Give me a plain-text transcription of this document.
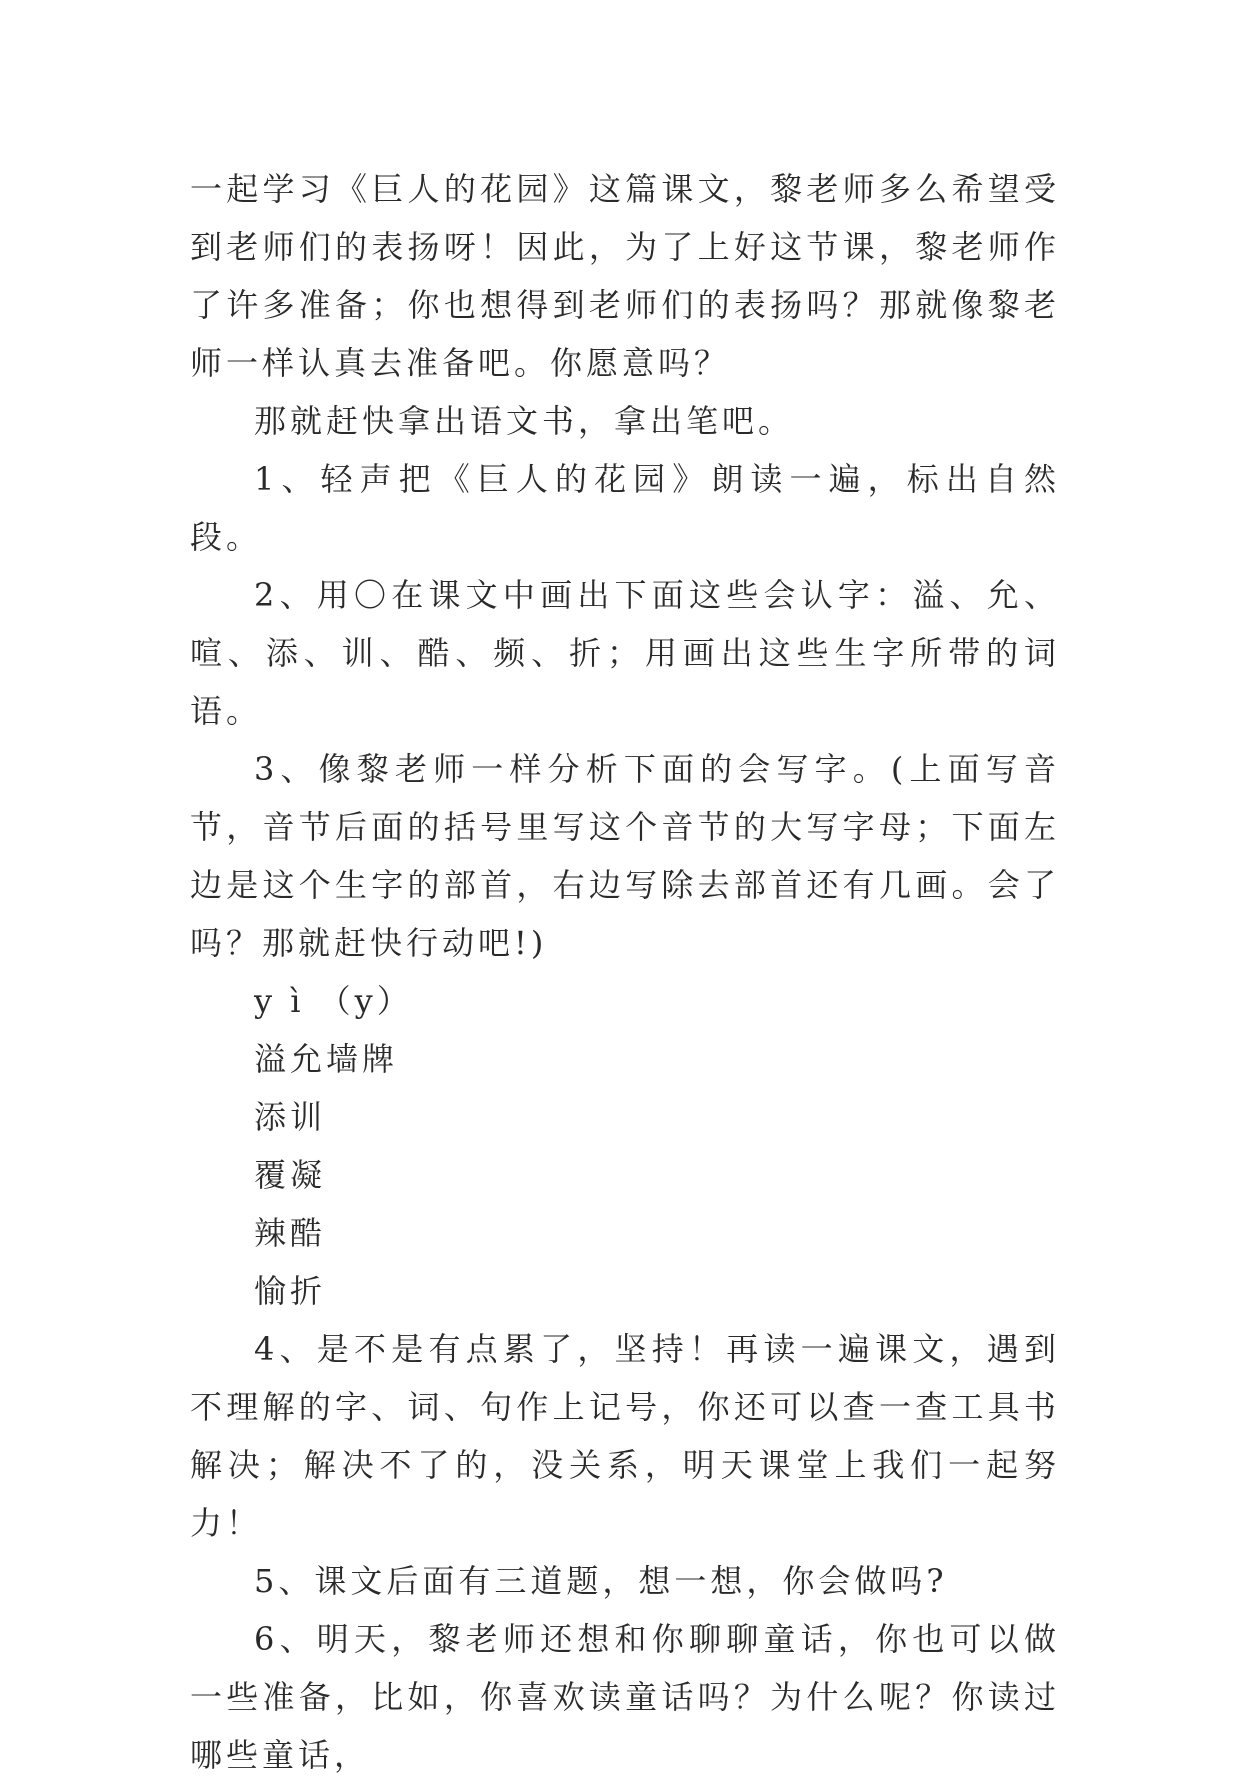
一起学习《巨人的花园》这篇课文，黎老师多么希望受到老师们的表扬呀！因此，为了上好这节课，黎老师作了许多准备；你也想得到老师们的表扬吗？那就像黎老师一样认真去准备吧。你愿意吗？

那就赶快拿出语文书，拿出笔吧。

1、轻声把《巨人的花园》朗读一遍，标出自然段。

2、用〇在课文中画出下面这些会认字：溢、允、喧、添、训、酷、频、折；用画出这些生字所带的词语。

3、像黎老师一样分析下面的会写字。(上面写音节，音节后面的括号里写这个音节的大写字母；下面左边是这个生字的部首，右边写除去部首还有几画。会了吗？那就赶快行动吧!)

y ì （y）

溢允墙牌

添训

覆凝

辣酷

愉折

4、是不是有点累了，坚持！再读一遍课文，遇到不理解的字、词、句作上记号，你还可以查一查工具书解决；解决不了的，没关系，明天课堂上我们一起努力！

5、课文后面有三道题，想一想，你会做吗?

6、明天，黎老师还想和你聊聊童话，你也可以做一些准备，比如，你喜欢读童话吗？为什么呢？你读过哪些童话，
